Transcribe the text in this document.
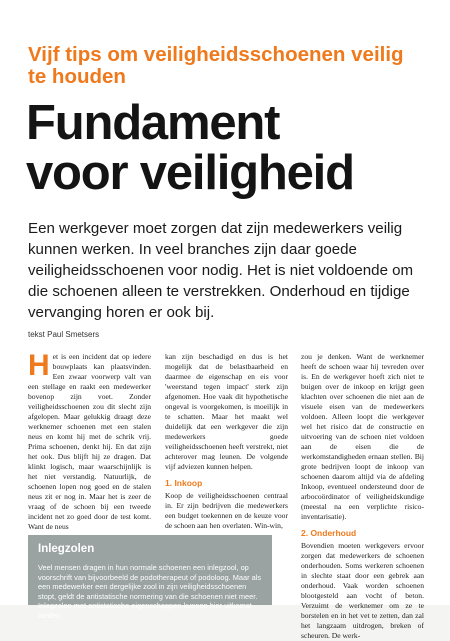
Vijf tips om veiligheidsschoenen veilig te houden
Fundament
voor veiligheid

Een werkgever moet zorgen dat zijn medewerkers veilig kunnen werken. In veel branches zijn daar goede veiligheidsschoenen voor nodig. Het is niet voldoende om die schoenen alleen te verstrekken. Onderhoud en tijdige vervanging horen er ook bij.

tekst Paul Smetsers

Het is een incident dat op iedere bouwplaats kan plaatsvinden. Een zwaar voorwerp valt van een stellage en raakt een medewerker bovenop zijn voet. Zonder veiligheidsschoenen zou dit slecht zijn afgelopen. Maar gelukkig draagt deze werknemer schoenen met een stalen neus en komt hij met de schrik vrij. Prima schoenen, denkt hij. En dat zijn het ook. Dus blijft hij ze dragen. Dat klinkt logisch, maar waarschijnlijk is het niet verstandig. Natuurlijk, de schoenen lopen nog goed en de stalen neus zit er nog in. Maar het is zeer de vraag of de schoen bij een tweede incident net zo goed door de test komt. Want de neus

kan zijn beschadigd en dus is het mogelijk dat de belastbaarheid en daarmee de eigenschap en eis voor 'weerstand tegen impact' sterk zijn afgenomen. Hoe vaak dit hypothetische ongeval is voorgekomen, is moeilijk in te schatten. Maar het maakt wel duidelijk dat een werkgever die zijn medewerkers goede veiligheidsschoenen heeft verstrekt, niet achterover mag leunen. De volgende vijf adviezen kunnen helpen.

1. Inkoop

Koop de veiligheidsschoenen centraal in. Er zijn bedrijven die medewerkers een budget toekennen en de keuze voor de schoen aan hen overlaten. Win-win,

zou je denken. Want de werknemer heeft de schoen waar hij tevreden over is. En de werkgever hoeft zich niet te buigen over de inkoop en krijgt geen klachten over schoenen die niet aan de visuele eisen van de medewerkers voldoen. Alleen loopt die werkgever wel het risico dat de constructie en uitvoering van de schoen niet voldoen aan de eisen die de werkomstandigheden ernaan stellen. Bij grote bedrijven loopt de inkoop van schoenen daarom altijd via de afdeling Inkoop, eventueel ondersteund door de arbocoördinator of veiligheidskundige (meestal na een verplichte risico-inventarisatie).

2. Onderhoud

Bovendien moeten werkgevers ervoor zorgen dat medewerkers de schoenen onderhouden. Soms werkeren schoenen in slechte staat door een gebrek aan onderhoud. Vaak worden schoenen blootgesteld aan vocht of beton. Verzuimt de werknemer om ze te borstelen en in het vet te zetten, dan zal het langzaam uitdrogen, breken of scheuren. De werk-

Inlegzolen
Veel mensen dragen in hun normale schoenen een inlegzool, op voorschrift van bijvoorbeeld de podotherapeut of podoloog. Maar als een medewerker een dergelijke zool in zijn veiligheidsschoenen stopt, geldt de antistatische normering van die schoenen niet meer. Inlegzolen met antistatische eigenschappen kunnen hier uitkomst bieden.
